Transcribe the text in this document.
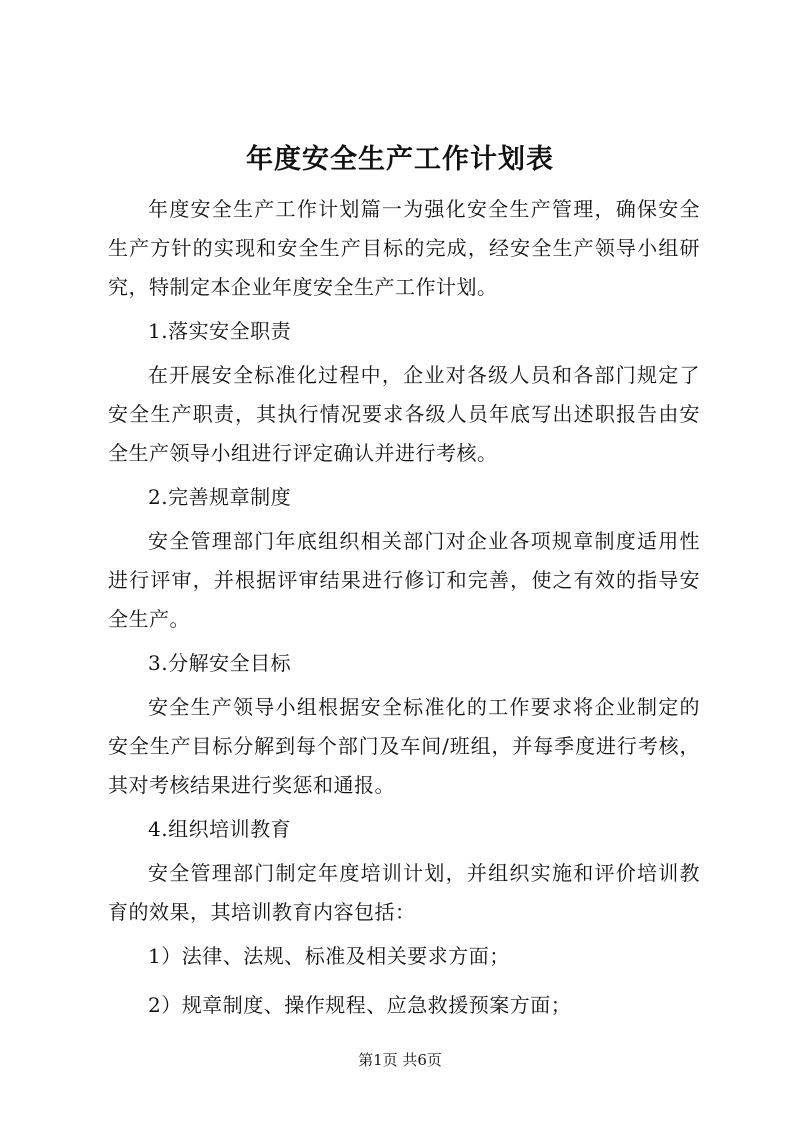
年度安全生产工作计划表

年度安全生产工作计划篇一为强化安全生产管理，确保安全生产方针的实现和安全生产目标的完成，经安全生产领导小组研究，特制定本企业年度安全生产工作计划。

1.落实安全职责

在开展安全标准化过程中，企业对各级人员和各部门规定了安全生产职责，其执行情况要求各级人员年底写出述职报告由安全生产领导小组进行评定确认并进行考核。

2.完善规章制度

安全管理部门年底组织相关部门对企业各项规章制度适用性进行评审，并根据评审结果进行修订和完善，使之有效的指导安全生产。

3.分解安全目标

安全生产领导小组根据安全标准化的工作要求将企业制定的安全生产目标分解到每个部门及车间/班组，并每季度进行考核，其对考核结果进行奖惩和通报。

4.组织培训教育

安全管理部门制定年度培训计划，并组织实施和评价培训教育的效果，其培训教育内容包括：

1）法律、法规、标准及相关要求方面；

2）规章制度、操作规程、应急救援预案方面；

第1页 共6页
